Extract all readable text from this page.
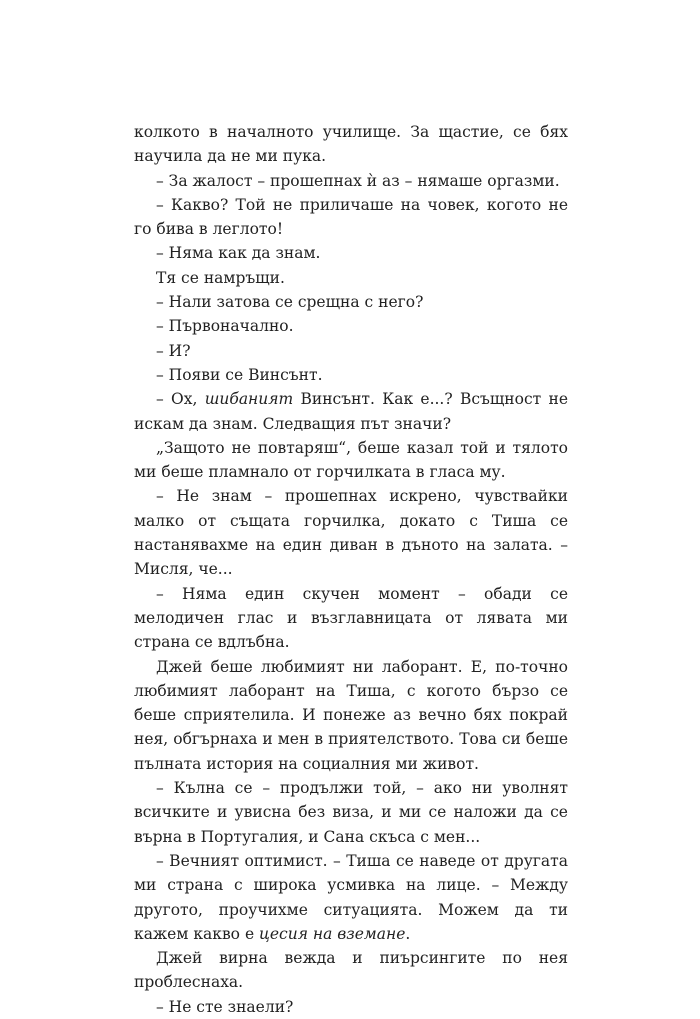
колкото в началното училище. За щастие, се бях научила да не ми пука.

– За жалост – прошепнах ѝ аз – нямаше оргазми.

– Какво? Той не приличаше на човек, когото не го бива в леглото!

– Няма как да знам.

Тя се намръщи.

– Нали затова се срещна с него?

– Първоначално.

– И?

– Появи се Винсънт.

– Ох, шибаният Винсънт. Как е...? Всъщност не искам да знам. Следващия път значи?

„Защото не повтаряш“, беше казал той и тялото ми беше пламнало от горчилката в гласа му.

– Не знам – прошепнах искрено, чувствайки малко от същата горчилка, докато с Тиша се настанявахме на един диван в дъното на залата. – Мисля, че...

– Няма един скучен момент – обади се мелодичен глас и възглавницата от лявата ми страна се вдлъбна.

Джей беше любимият ни лаборант. Е, по-точно любимият лаборант на Тиша, с когото бързо се беше сприятелила. И понеже аз вечно бях покрай нея, обгърнаха и мен в приятелството. Това си беше пълната история на социалния ми живот.

– Кълна се – продължи той, – ако ни уволнят всичките и увисна без виза, и ми се наложи да се върна в Португалия, и Сана скъса с мен...

– Вечният оптимист. – Тиша се наведе от другата ми страна с широка усмивка на лице. – Между другото, проучихме ситуацията. Можем да ти кажем какво е цесия на вземане.

Джей вирна вежда и пиърсингите по нея проблеснаха.

– Не сте знаели?
